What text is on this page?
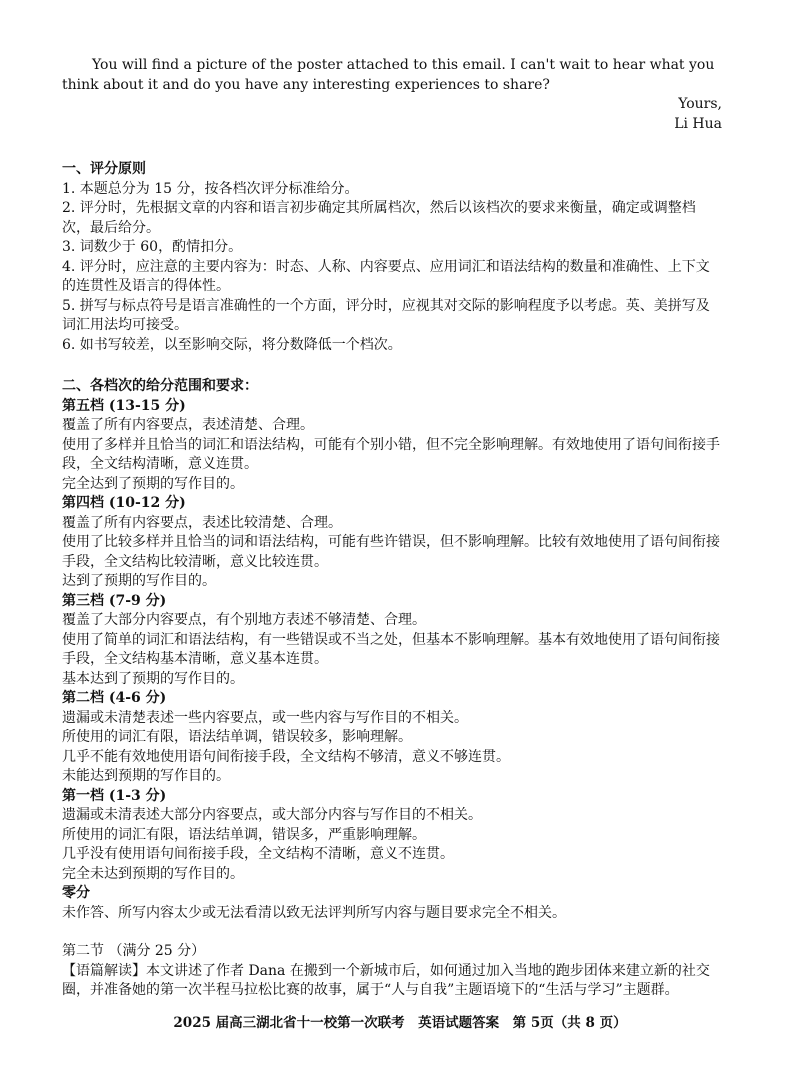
You will find a picture of the poster attached to this email. I can't wait to hear what you think about it and do you have any interesting experiences to share?

Yours,

Li Hua

一、评分原则

1. 本题总分为 15 分，按各档次评分标准给分。

2. 评分时，先根据文章的内容和语言初步确定其所属档次，然后以该档次的要求来衡量，确定或调整档次，最后给分。

3. 词数少于 60，酌情扣分。

4. 评分时，应注意的主要内容为：时态、人称、内容要点、应用词汇和语法结构的数量和准确性、上下文的连贯性及语言的得体性。

5. 拼写与标点符号是语言准确性的一个方面，评分时，应视其对交际的影响程度予以考虑。英、美拼写及词汇用法均可接受。

6. 如书写较差，以至影响交际，将分数降低一个档次。

二、各档次的给分范围和要求：

第五档 (13-15 分)

覆盖了所有内容要点，表述清楚、合理。

使用了多样并且恰当的词汇和语法结构，可能有个别小错，但不完全影响理解。有效地使用了语句间衔接手段，全文结构清晰，意义连贯。

完全达到了预期的写作目的。

第四档 (10-12 分)

覆盖了所有内容要点，表述比较清楚、合理。

使用了比较多样并且恰当的词和语法结构，可能有些许错误，但不影响理解。比较有效地使用了语句间衔接手段，全文结构比较清晰，意义比较连贯。

达到了预期的写作目的。

第三档 (7-9 分)

覆盖了大部分内容要点，有个别地方表述不够清楚、合理。

使用了简单的词汇和语法结构，有一些错误或不当之处，但基本不影响理解。基本有效地使用了语句间衔接手段，全文结构基本清晰，意义基本连贯。

基本达到了预期的写作目的。

第二档 (4-6 分)

遗漏或未清楚表述一些内容要点，或一些内容与写作目的不相关。

所使用的词汇有限，语法结单调，错误较多，影响理解。

几乎不能有效地使用语句间衔接手段，全文结构不够清，意义不够连贯。

未能达到预期的写作目的。

第一档 (1-3 分)

遗漏或未清表述大部分内容要点，或大部分内容与写作目的不相关。

所使用的词汇有限，语法结单调，错误多，严重影响理解。

几乎没有使用语句间衔接手段，全文结构不清晰，意义不连贯。

完全未达到预期的写作目的。

零分

未作答、所写内容太少或无法看清以致无法评判所写内容与题目要求完全不相关。

第二节 （满分 25 分）

【语篇解读】本文讲述了作者 Dana 在搬到一个新城市后，如何通过加入当地的跑步团体来建立新的社交圈，并准备她的第一次半程马拉松比赛的故事，属于“人与自我”主题语境下的“生活与学习”主题群。

2025 届高三湖北省十一校第一次联考　英语试题答案　第 5页（共 8 页）
